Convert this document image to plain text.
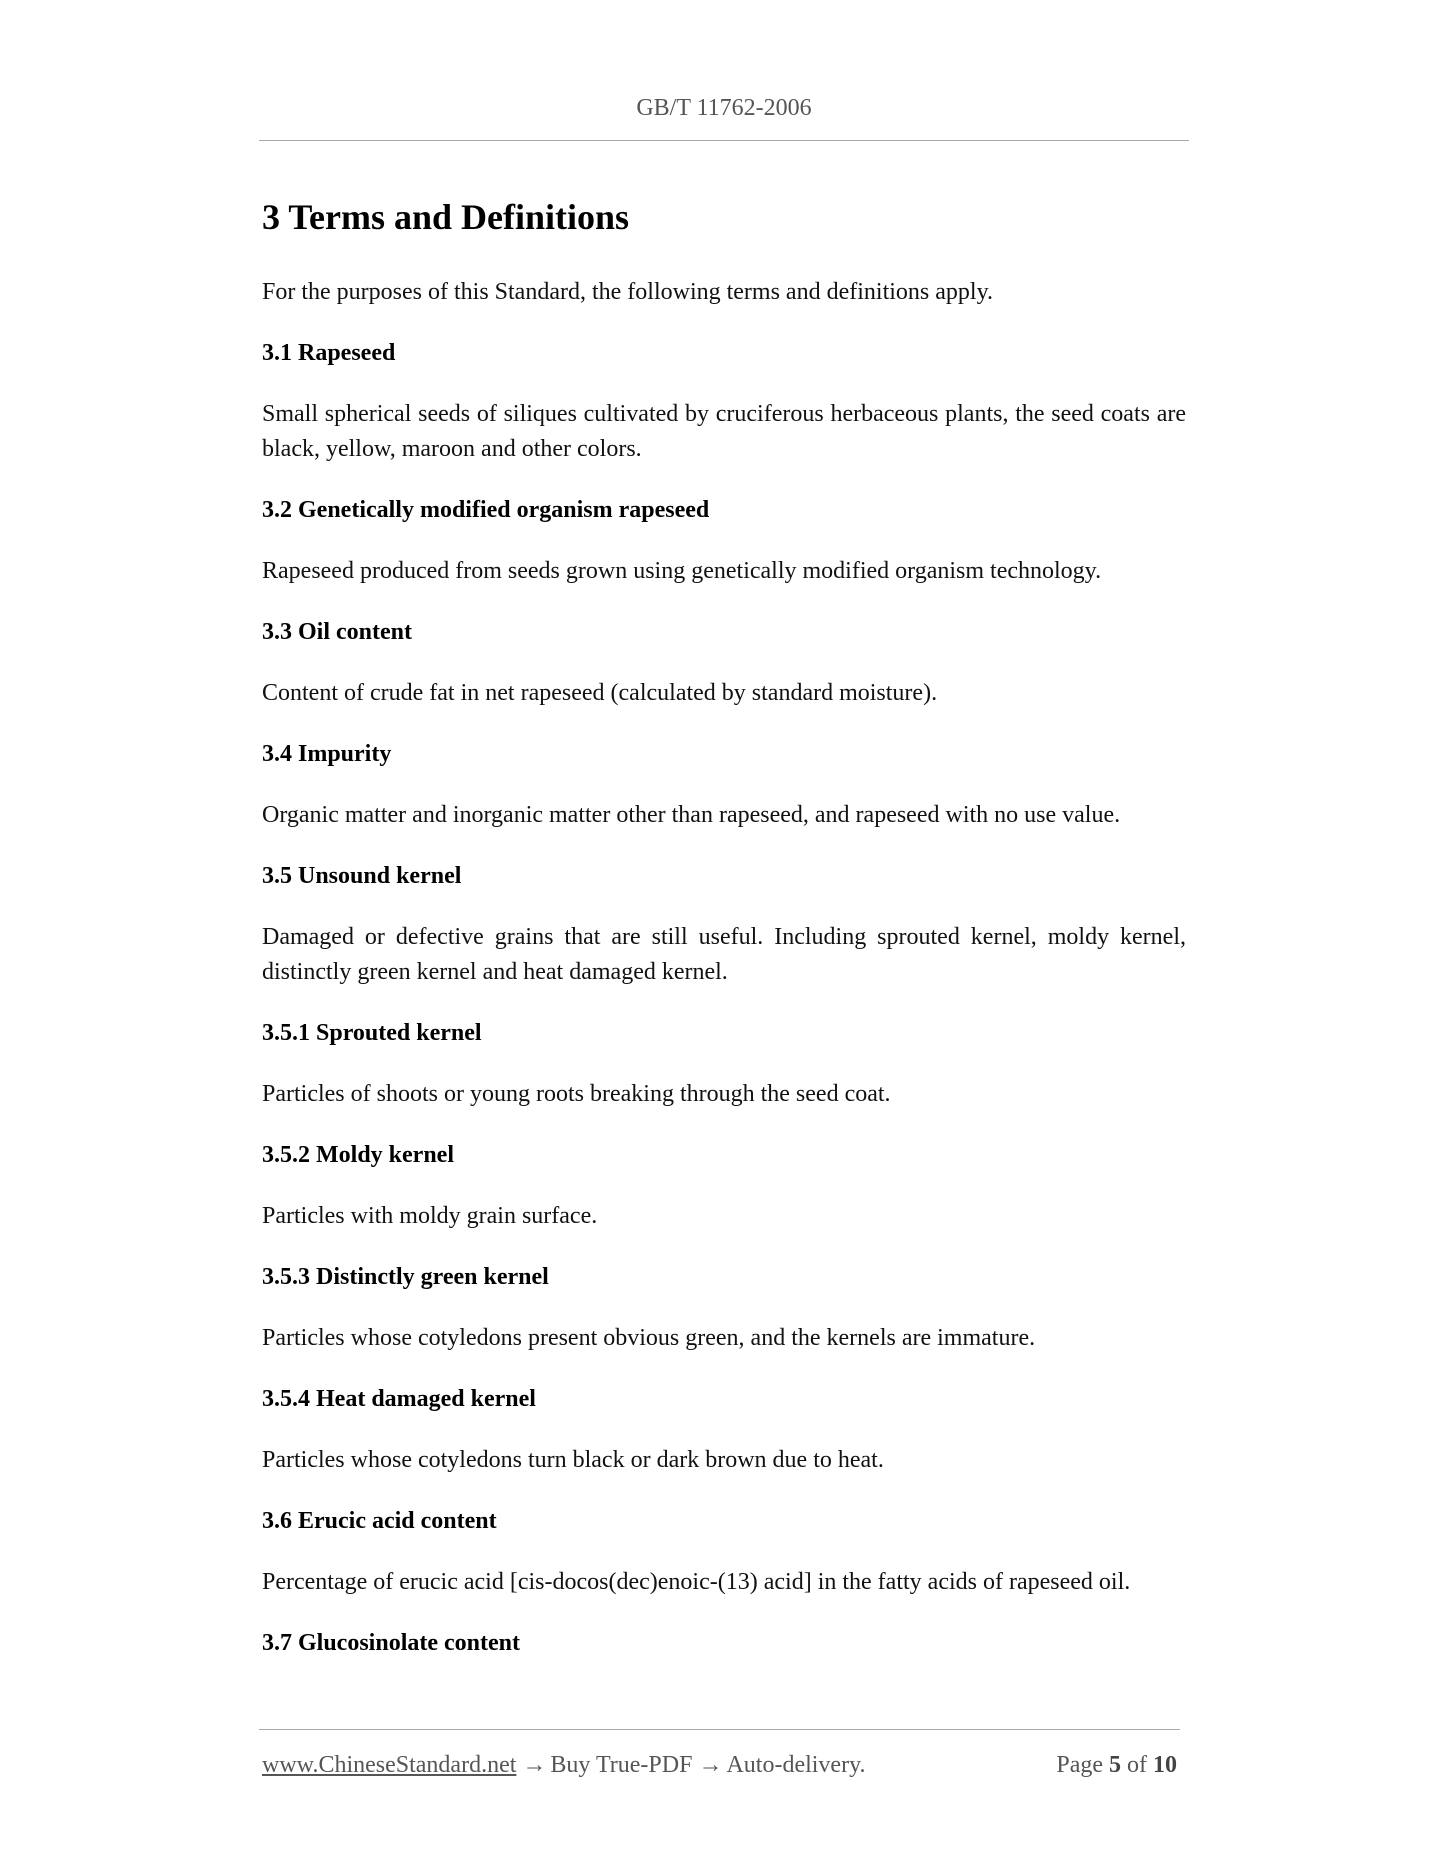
GB/T 11762-2006
3 Terms and Definitions

For the purposes of this Standard, the following terms and definitions apply.

3.1 Rapeseed

Small spherical seeds of siliques cultivated by cruciferous herbaceous plants, the seed coats are black, yellow, maroon and other colors.

3.2 Genetically modified organism rapeseed

Rapeseed produced from seeds grown using genetically modified organism technology.

3.3 Oil content

Content of crude fat in net rapeseed (calculated by standard moisture).

3.4 Impurity

Organic matter and inorganic matter other than rapeseed, and rapeseed with no use value.

3.5 Unsound kernel

Damaged or defective grains that are still useful. Including sprouted kernel, moldy kernel, distinctly green kernel and heat damaged kernel.

3.5.1 Sprouted kernel

Particles of shoots or young roots breaking through the seed coat.

3.5.2 Moldy kernel

Particles with moldy grain surface.

3.5.3 Distinctly green kernel

Particles whose cotyledons present obvious green, and the kernels are immature.

3.5.4 Heat damaged kernel

Particles whose cotyledons turn black or dark brown due to heat.

3.6 Erucic acid content

Percentage of erucic acid [cis-docos(dec)enoic-(13) acid] in the fatty acids of rapeseed oil.

3.7 Glucosinolate content

www.ChineseStandard.net → Buy True-PDF → Auto-delivery.	Page 5 of 10
